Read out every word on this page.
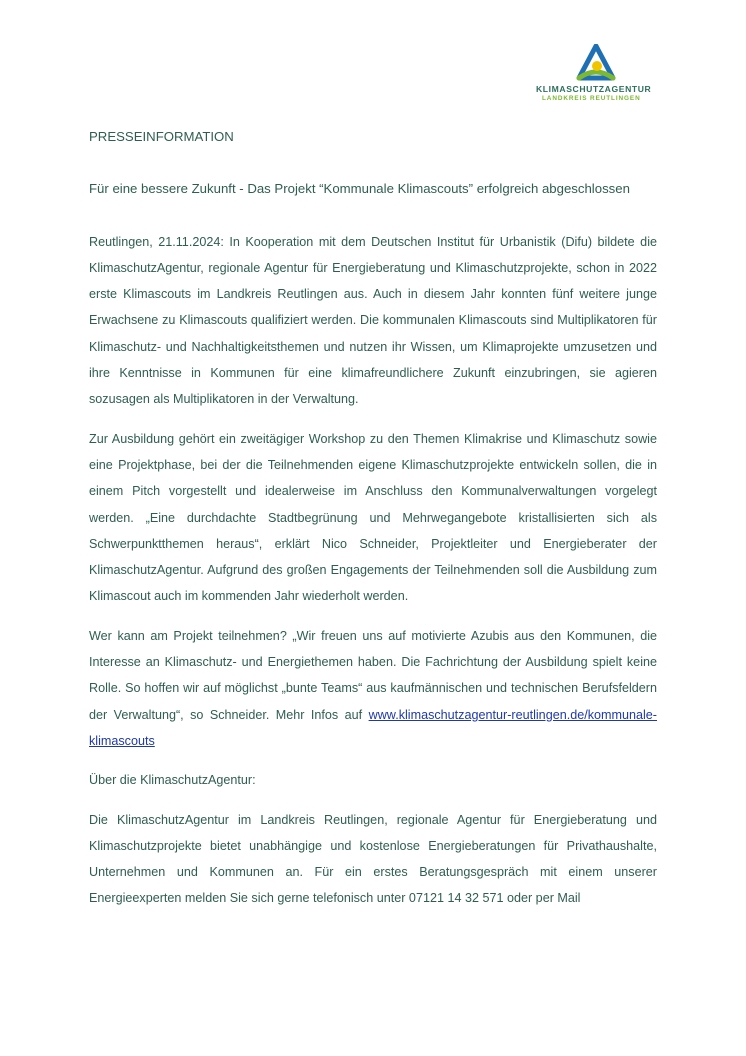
KLIMASCHUTZAGENTUR
LANDKREIS REUTLINGEN

PRESSEINFORMATION

Für eine bessere Zukunft - Das Projekt “Kommunale Klimascouts” erfolgreich abgeschlossen

Reutlingen, 21.11.2024: In Kooperation mit dem Deutschen Institut für Urbanistik (Difu) bildete die KlimaschutzAgentur, regionale Agentur für Energieberatung und Klimaschutzprojekte, schon in 2022 erste Klimascouts im Landkreis Reutlingen aus. Auch in diesem Jahr konnten fünf weitere junge Erwachsene zu Klimascouts qualifiziert werden. Die kommunalen Klimascouts sind Multiplikatoren für Klimaschutz- und Nachhaltigkeitsthemen und nutzen ihr Wissen, um Klimaprojekte umzusetzen und ihre Kenntnisse in Kommunen für eine klimafreundlichere Zukunft einzubringen, sie agieren sozusagen als Multiplikatoren in der Verwaltung.

Zur Ausbildung gehört ein zweitägiger Workshop zu den Themen Klimakrise und Klimaschutz sowie eine Projektphase, bei der die Teilnehmenden eigene Klimaschutzprojekte entwickeln sollen, die in einem Pitch vorgestellt und idealerweise im Anschluss den Kommunalverwaltungen vorgelegt werden. „Eine durchdachte Stadtbegrünung und Mehrwegangebote kristallisierten sich als Schwerpunktthemen heraus“, erklärt Nico Schneider, Projektleiter und Energieberater der KlimaschutzAgentur. Aufgrund des großen Engagements der Teilnehmenden soll die Ausbildung zum Klimascout auch im kommenden Jahr wiederholt werden.

Wer kann am Projekt teilnehmen? „Wir freuen uns auf motivierte Azubis aus den Kommunen, die Interesse an Klimaschutz- und Energiethemen haben. Die Fachrichtung der Ausbildung spielt keine Rolle. So hoffen wir auf möglichst „bunte Teams“ aus kaufmännischen und technischen Berufsfeldern der Verwaltung“, so Schneider. Mehr Infos auf www.klimaschutzagentur-reutlingen.de/kommunale-klimascouts

Über die KlimaschutzAgentur:

Die KlimaschutzAgentur im Landkreis Reutlingen, regionale Agentur für Energieberatung und Klimaschutzprojekte bietet unabhängige und kostenlose Energieberatungen für Privathaushalte, Unternehmen und Kommunen an. Für ein erstes Beratungsgespräch mit einem unserer Energieexperten melden Sie sich gerne telefonisch unter 07121 14 32 571 oder per Mail
